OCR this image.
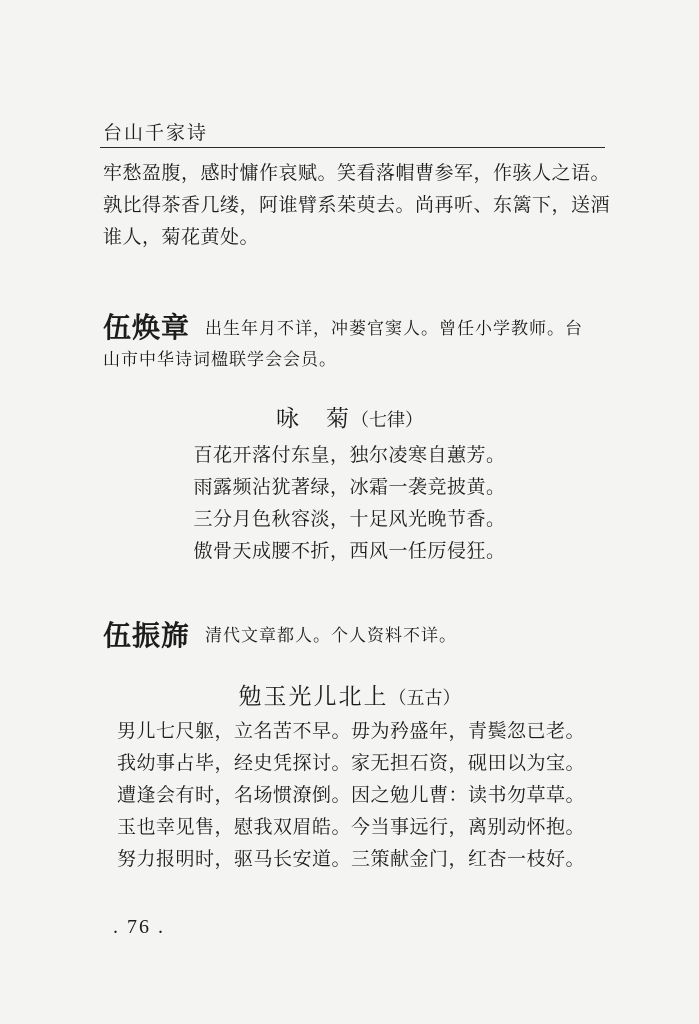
台山千家诗
牢愁盈腹，感时慵作哀赋。笑看落帽曹参军，作骇人之语。
孰比得茶香几缕，阿谁臂系茱萸去。尚再听、东篱下，送酒
谁人，菊花黄处。
伍焕章 出生年月不详，冲蒌官窦人。曾任小学教师。台
山市中华诗词楹联学会会员。
咏　菊（七律）
百花开落付东皇，独尔凌寒自蕙芳。
雨露频沾犹著绿，冰霜一袭竞披黄。
三分月色秋容淡，十足风光晚节香。
傲骨天成腰不折，西风一任厉侵狂。
伍振旆 清代文章都人。个人资料不详。
勉玉光儿北上（五古）
男儿七尺躯，立名苦不早。毋为矜盛年，青鬓忽已老。
我幼事占毕，经史凭探讨。家无担石资，砚田以为宝。
遭逢会有时，名场惯潦倒。因之勉儿曹：读书勿草草。
玉也幸见售，慰我双眉皓。今当事远行，离别动怀抱。
努力报明时，驱马长安道。三策献金门，红杏一枝好。
. 76 .
